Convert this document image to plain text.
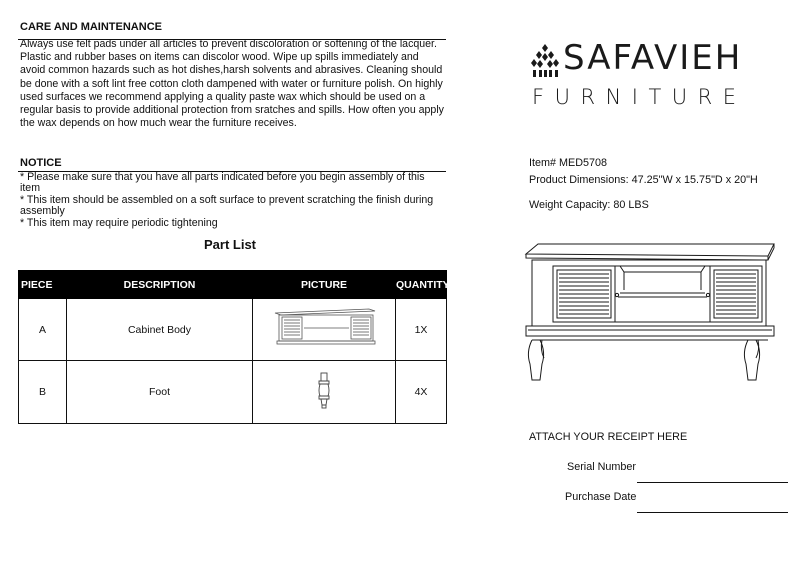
CARE AND MAINTENANCE
Always use felt pads under all articles to prevent discoloration or softening of the lacquer.
Plastic and rubber bases on items can discolor wood. Wipe up spills immediately and
avoid common hazards such as hot dishes,harsh solvents and abrasives. Cleaning should
be done with a soft lint free cotton cloth dampened with water or furniture polish. On highly
used surfaces we recommend applying a quality paste wax which should be used on a
regular basis to provide additional protection from sratches and spills. How often you apply
the wax depends on how much wear the furniture receives.
NOTICE
* Please make sure that you have all parts indicated before you begin assembly of this
item
* This item should be assembled on a soft surface to prevent scratching the finish during
assembly
* This item may require periodic tightening
Part List
PIECE	DESCRIPTION	PICTURE	QUANTITY
A	Cabinet Body		1X
B	Foot		4X
SAFAVIEH
FURNITURE
Item# MED5708
Product Dimensions: 47.25"W x 15.75"D x 20"H
Weight Capacity: 80 LBS
ATTACH YOUR RECEIPT HERE
Serial Number
Purchase Date
